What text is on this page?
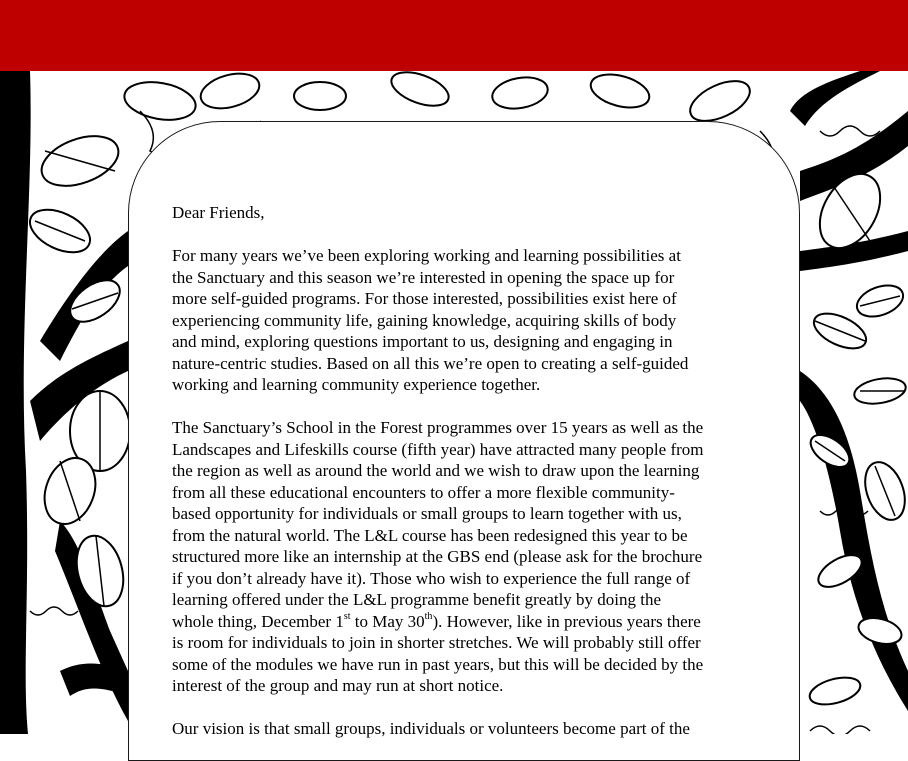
Dear Friends,

For many years we’ve been exploring working and learning possibilities at
the Sanctuary and this season we’re interested in opening the space up for
more self-guided programs. For those interested, possibilities exist here of
experiencing community life, gaining knowledge, acquiring skills of body
and mind, exploring questions important to us, designing and engaging in
nature-centric studies. Based on all this we’re open to creating a self-guided
working and learning community experience together.

The Sanctuary’s School in the Forest programmes over 15 years as well as the
Landscapes and Lifeskills course (fifth year) have attracted many people from
the region as well as around the world and we wish to draw upon the learning
from all these educational encounters to offer a more flexible community-
based opportunity for individuals or small groups to learn together with us,
from the natural world. The L&L course has been redesigned this year to be
structured more like an internship at the GBS end (please ask for the brochure
if you don’t already have it). Those who wish to experience the full range of
learning offered under the L&L programme benefit greatly by doing the
whole thing, December 1st to May 30th). However, like in previous years there
is room for individuals to join in shorter stretches. We will probably still offer
some of the modules we have run in past years, but this will be decided by the
interest of the group and may run at short notice.

Our vision is that small groups, individuals or volunteers become part of the
